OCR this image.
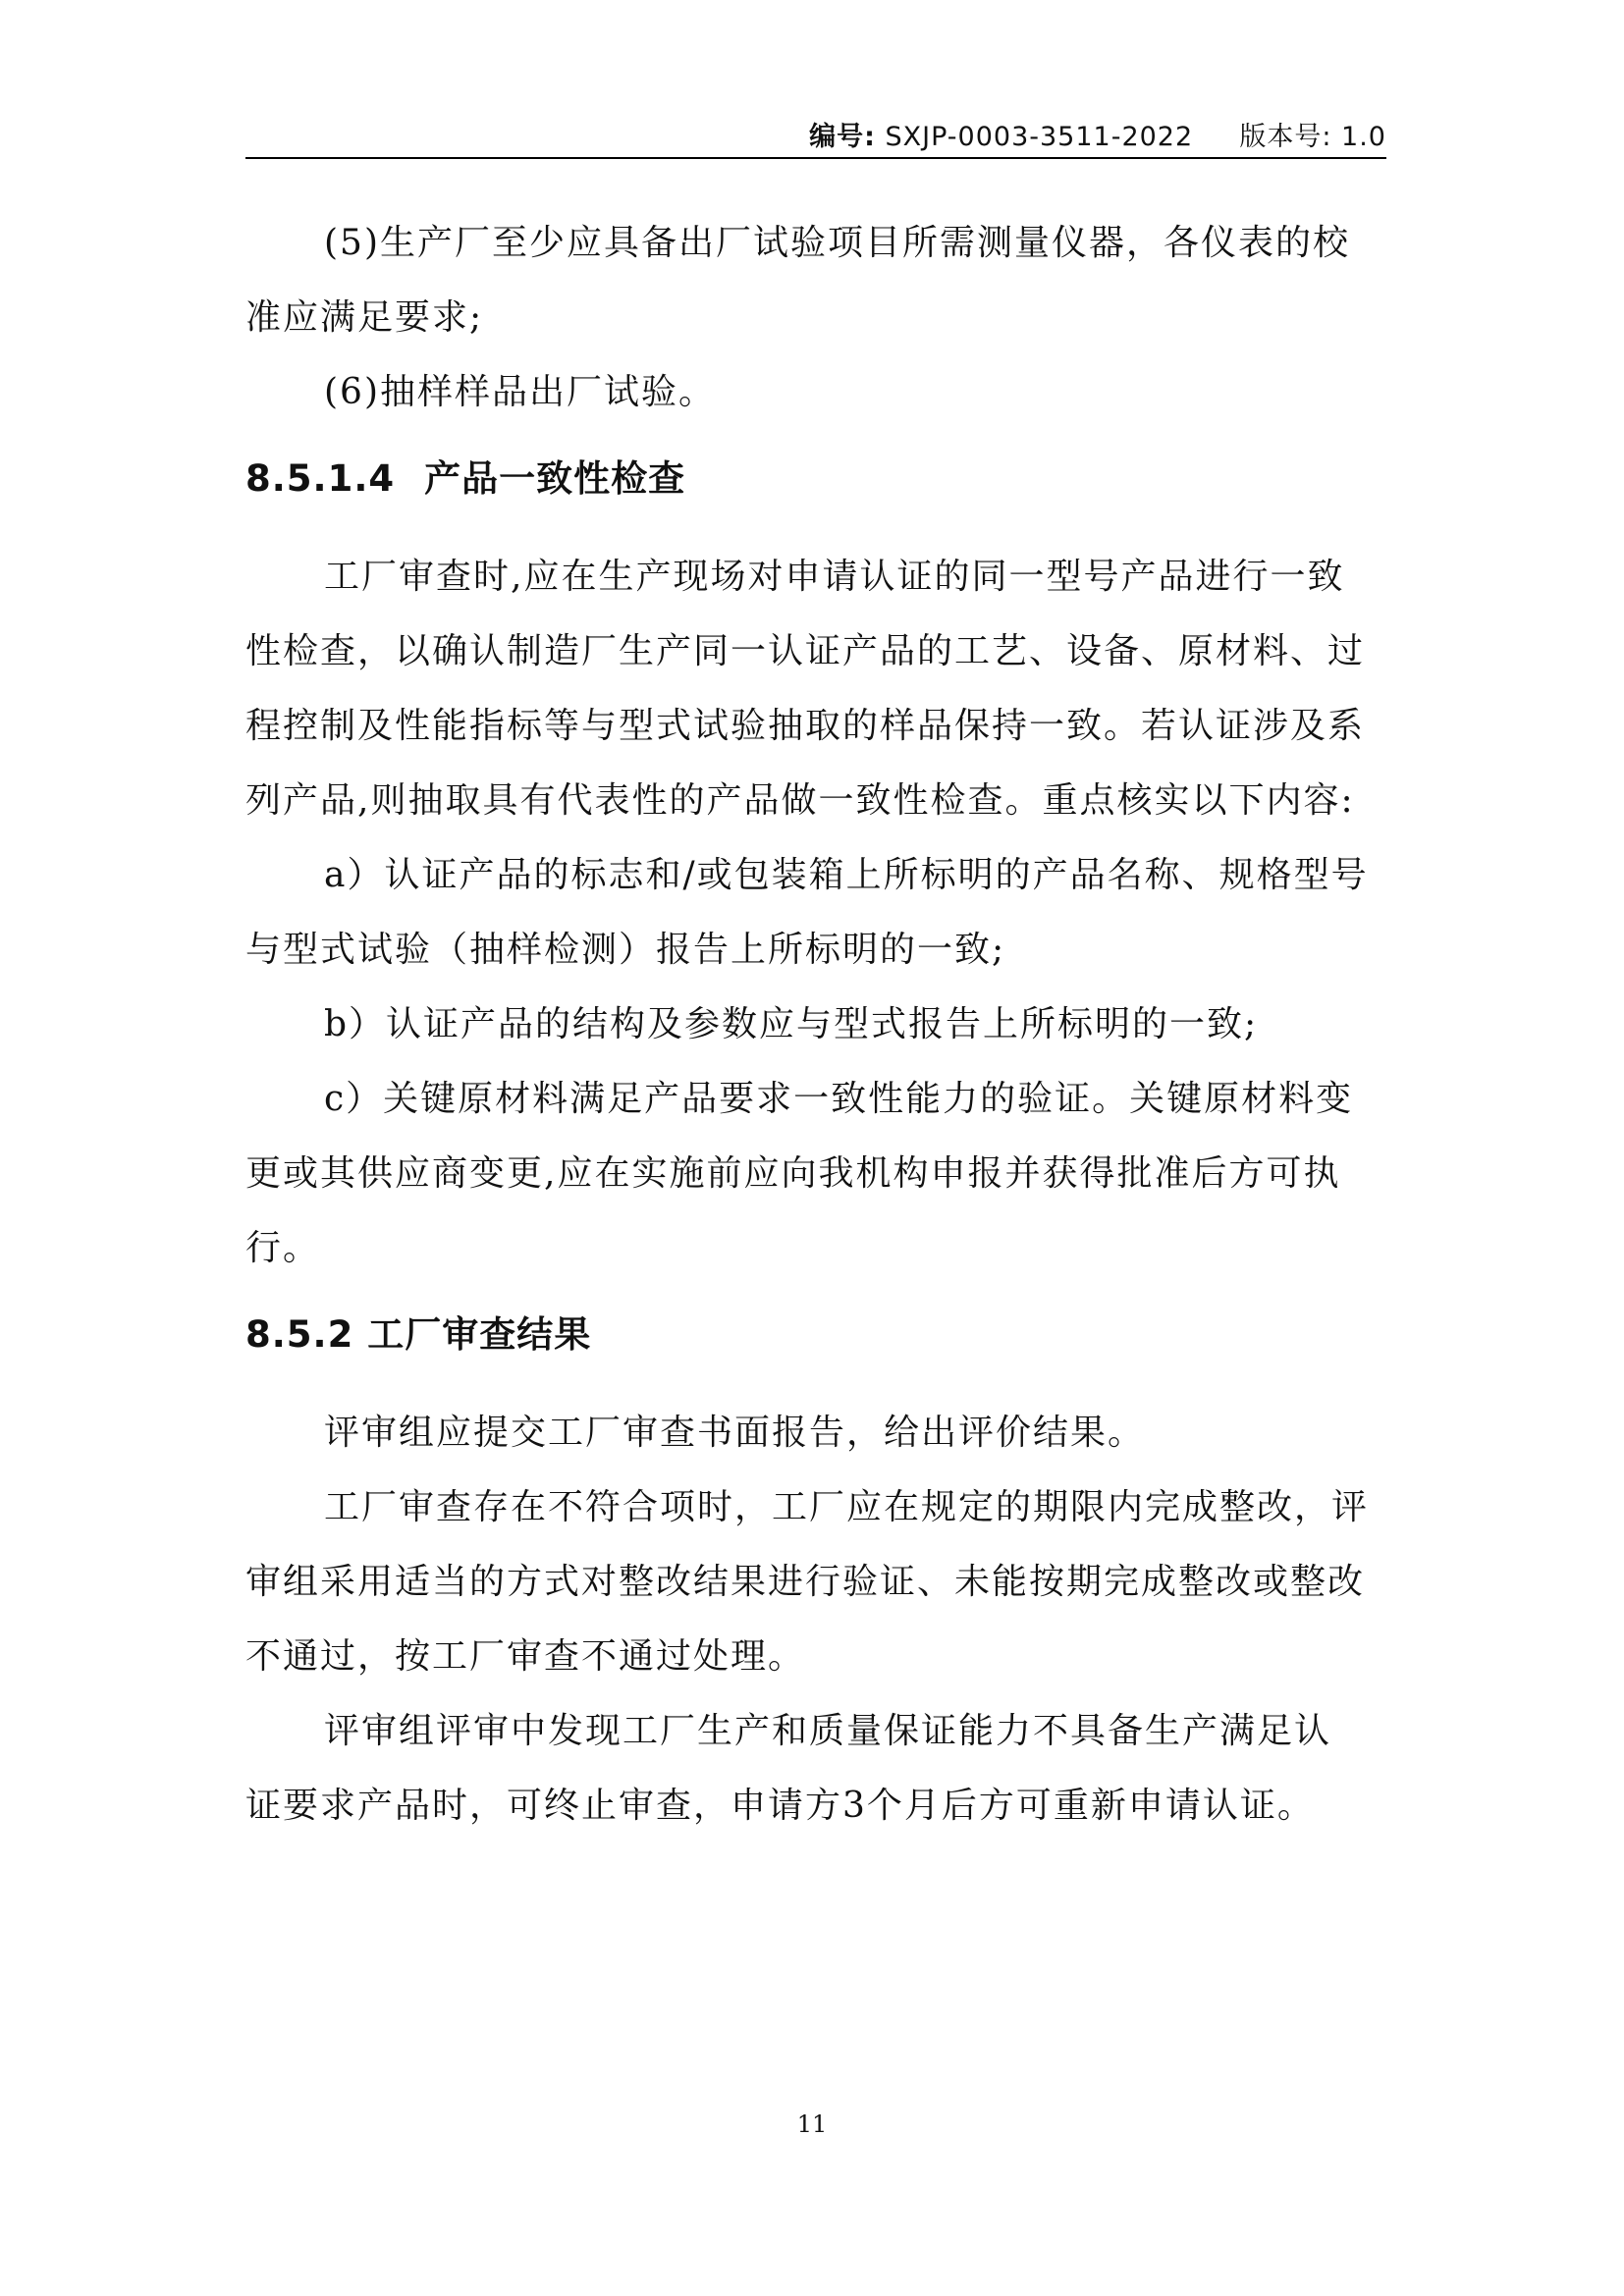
编号: SXJP-0003-3511-2022 版本号: 1.0

(5)生产厂至少应具备出厂试验项目所需测量仪器，各仪表的校
准应满足要求;

(6)抽样样品出厂试验。

8.5.1.4 产品一致性检查

工厂审查时,应在生产现场对申请认证的同一型号产品进行一致
性检查，以确认制造厂生产同一认证产品的工艺、设备、原材料、过
程控制及性能指标等与型式试验抽取的样品保持一致。若认证涉及系
列产品,则抽取具有代表性的产品做一致性检查。重点核实以下内容:

a）认证产品的标志和/或包装箱上所标明的产品名称、规格型号
与型式试验（抽样检测）报告上所标明的一致;

b）认证产品的结构及参数应与型式报告上所标明的一致;

c）关键原材料满足产品要求一致性能力的验证。关键原材料变
更或其供应商变更,应在实施前应向我机构申报并获得批准后方可执
行。

8.5.2 工厂审查结果

评审组应提交工厂审查书面报告，给出评价结果。

工厂审查存在不符合项时，工厂应在规定的期限内完成整改，评
审组采用适当的方式对整改结果进行验证、未能按期完成整改或整改
不通过，按工厂审查不通过处理。

评审组评审中发现工厂生产和质量保证能力不具备生产满足认
证要求产品时，可终止审查，申请方3个月后方可重新申请认证。

11
